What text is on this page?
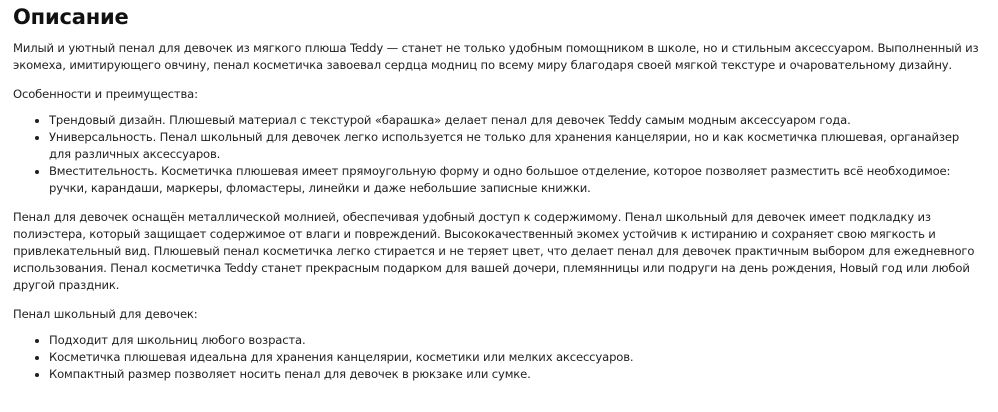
Описание

Милый и уютный пенал для девочек из мягкого плюша Teddy — станет не только удобным помощником в школе, но и стильным аксессуаром. Выполненный из экомеха, имитирующего овчину, пенал косметичка завоевал сердца модниц по всему миру благодаря своей мягкой текстуре и очаровательному дизайну.

Особенности и преимущества:

• Трендовый дизайн. Плюшевый материал с текстурой «барашка» делает пенал для девочек Teddy самым модным аксессуаром года.
• Универсальность. Пенал школьный для девочек легко используется не только для хранения канцелярии, но и как косметичка плюшевая, органайзер для различных аксессуаров.
• Вместительность. Косметичка плюшевая имеет прямоугольную форму и одно большое отделение, которое позволяет разместить всё необходимое: ручки, карандаши, маркеры, фломастеры, линейки и даже небольшие записные книжки.

Пенал для девочек оснащён металлической молнией, обеспечивая удобный доступ к содержимому. Пенал школьный для девочек имеет подкладку из полиэстера, который защищает содержимое от влаги и повреждений. Высококачественный экомех устойчив к истиранию и сохраняет свою мягкость и привлекательный вид. Плюшевый пенал косметичка легко стирается и не теряет цвет, что делает пенал для девочек практичным выбором для ежедневного использования. Пенал косметичка Teddy станет прекрасным подарком для вашей дочери, племянницы или подруги на день рождения, Новый год или любой другой праздник.

Пенал школьный для девочек:

• Подходит для школьниц любого возраста.
• Косметичка плюшевая идеальна для хранения канцелярии, косметики или мелких аксессуаров.
• Компактный размер позволяет носить пенал для девочек в рюкзаке или сумке.
